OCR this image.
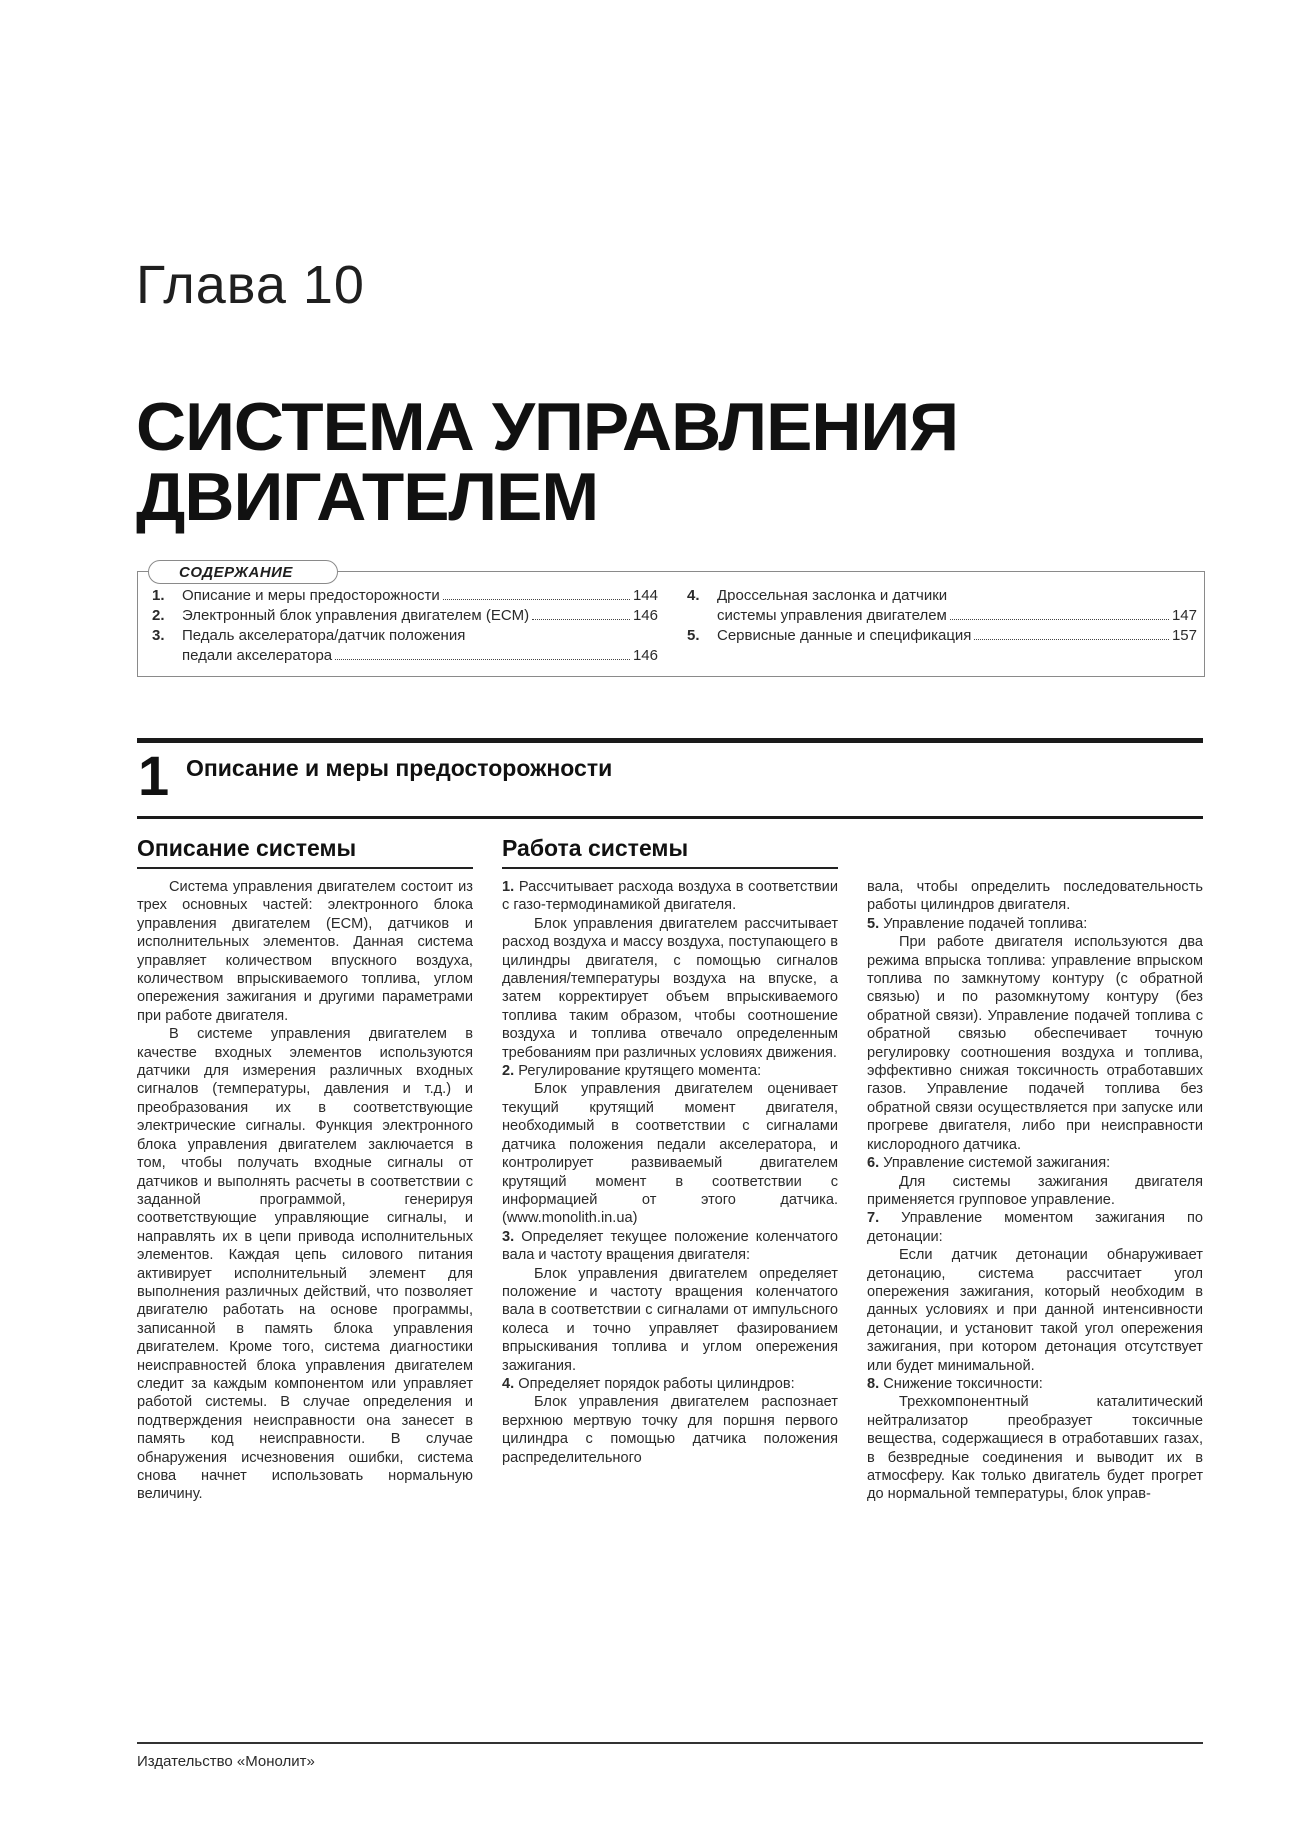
Глава 10
СИСТЕМА УПРАВЛЕНИЯ
ДВИГАТЕЛЕМ
СОДЕРЖАНИЕ
1.	Описание и меры предосторожности	144
2.	Электронный блок управления двигателем (ECM)	146
3.	Педаль акселератора/датчик положения
педали акселератора	146
4.	Дроссельная заслонка и датчики
системы управления двигателем	147
5.	Сервисные данные и спецификация	157
1 Описание и меры предосторожности
Описание системы	Работа системы

Система управления двигателем состоит из трех основных частей: электронного блока управления двигателем (ECM), датчиков и исполнительных элементов. Данная система управляет количеством впускного воздуха, количеством впрыскиваемого топлива, углом опережения зажигания и другими параметрами при работе двигателя.

В системе управления двигателем в качестве входных элементов используются датчики для измерения различных входных сигналов (температуры, давления и т.д.) и преобразования их в соответствующие электрические сигналы. Функция электронного блока управления двигателем заключается в том, чтобы получать входные сигналы от датчиков и выполнять расчеты в соответствии с заданной программой, генерируя соответствующие управляющие сигналы, и направлять их в цепи привода исполнительных элементов. Каждая цепь силового питания активирует исполнительный элемент для выполнения различных действий, что позволяет двигателю работать на основе программы, записанной в память блока управления двигателем. Кроме того, система диагностики неисправностей блока управления двигателем следит за каждым компонентом или управляет работой системы. В случае определения и подтверждения неисправности она занесет в память код неисправности. В случае обнаружения исчезновения ошибки, система снова начнет использовать нормальную величину.

1. Рассчитывает расхода воздуха в соответствии с газо-термодинамикой двигателя.

Блок управления двигателем рассчитывает расход воздуха и массу воздуха, поступающего в цилиндры двигателя, с помощью сигналов давления/температуры воздуха на впуске, а затем корректирует объем впрыскиваемого топлива таким образом, чтобы соотношение воздуха и топлива отвечало определенным требованиям при различных условиях движения.

2. Регулирование крутящего момента:

Блок управления двигателем оценивает текущий крутящий момент двигателя, необходимый в соответствии с сигналами датчика положения педали акселератора, и контролирует развиваемый двигателем крутящий момент в соответствии с информацией от этого датчика. (www.monolith.in.ua)

3. Определяет текущее положение коленчатого вала и частоту вращения двигателя:

Блок управления двигателем определяет положение и частоту вращения коленчатого вала в соответствии с сигналами от импульсного колеса и точно управляет фазированием впрыскивания топлива и углом опережения зажигания.

4. Определяет порядок работы цилиндров:

Блок управления двигателем распознает верхнюю мертвую точку для поршня первого цилиндра с помощью датчика положения распределительного

вала, чтобы определить последовательность работы цилиндров двигателя.

5. Управление подачей топлива:

При работе двигателя используются два режима впрыска топлива: управление впрыском топлива по замкнутому контуру (с обратной связью) и по разомкнутому контуру (без обратной связи). Управление подачей топлива с обратной связью обеспечивает точную регулировку соотношения воздуха и топлива, эффективно снижая токсичность отработавших газов. Управление подачей топлива без обратной связи осуществляется при запуске или прогреве двигателя, либо при неисправности кислородного датчика.

6. Управление системой зажигания:

Для системы зажигания двигателя применяется групповое управление.

7. Управление моментом зажигания по детонации:

Если датчик детонации обнаруживает детонацию, система рассчитает угол опережения зажигания, который необходим в данных условиях и при данной интенсивности детонации, и установит такой угол опережения зажигания, при котором детонация отсутствует или будет минимальной.

8. Снижение токсичности:

Трехкомпонентный каталитический нейтрализатор преобразует токсичные вещества, содержащиеся в отработавших газах, в безвредные соединения и выводит их в атмосферу. Как только двигатель будет прогрет до нормальной температуры, блок управ-

Издательство «Монолит»
